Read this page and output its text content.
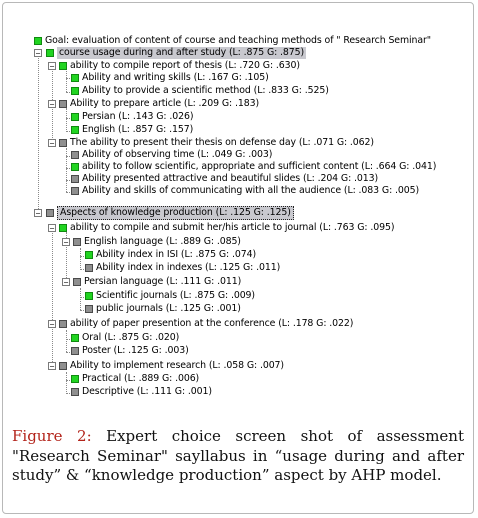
Goal: evaluation of content of course and teaching methods of " Research Seminar"
− course usage during and after study (L: .875 G: .875)
− ability to compile report of thesis (L: .720 G: .630)
Ability and writing skills (L: .167 G: .105)
Ability to provide a scientific method (L: .833 G: .525)
− Ability to prepare article (L: .209 G: .183)
Persian (L: .143 G: .026)
English (L: .857 G: .157)
− The ability to present their thesis on defense day (L: .071 G: .062)
Ability of observing time (L: .049 G: .003)
ability to follow scientific, appropriate and sufficient content (L: .664 G: .041)
Ability presented attractive and beautiful slides (L: .204 G: .013)
Ability and skills of communicating with all the audience (L: .083 G: .005)
−	Aspects of knowledge production (L: .125 G: .125)
− ability to compile and submit her/his article to journal (L: .763 G: .095)
− English language (L: .889 G: .085)
Ability index in ISI (L: .875 G: .074)
Ability index in indexes (L: .125 G: .011)
− Persian language (L: .111 G: .011)
Scientific journals (L: .875 G: .009)
public journals (L: .125 G: .001)
− ability of paper presention at the conference (L: .178 G: .022)
Oral (L: .875 G: .020)
Poster (L: .125 G: .003)
− Ability to implement research (L: .058 G: .007)
Practical (L: .889 G: .006)
Descriptive (L: .111 G: .001)
Figure 2: Expert choice screen shot of assessment "Research Seminar" sayllabus in “usage during and after study” & “knowledge production” aspect by AHP model.
